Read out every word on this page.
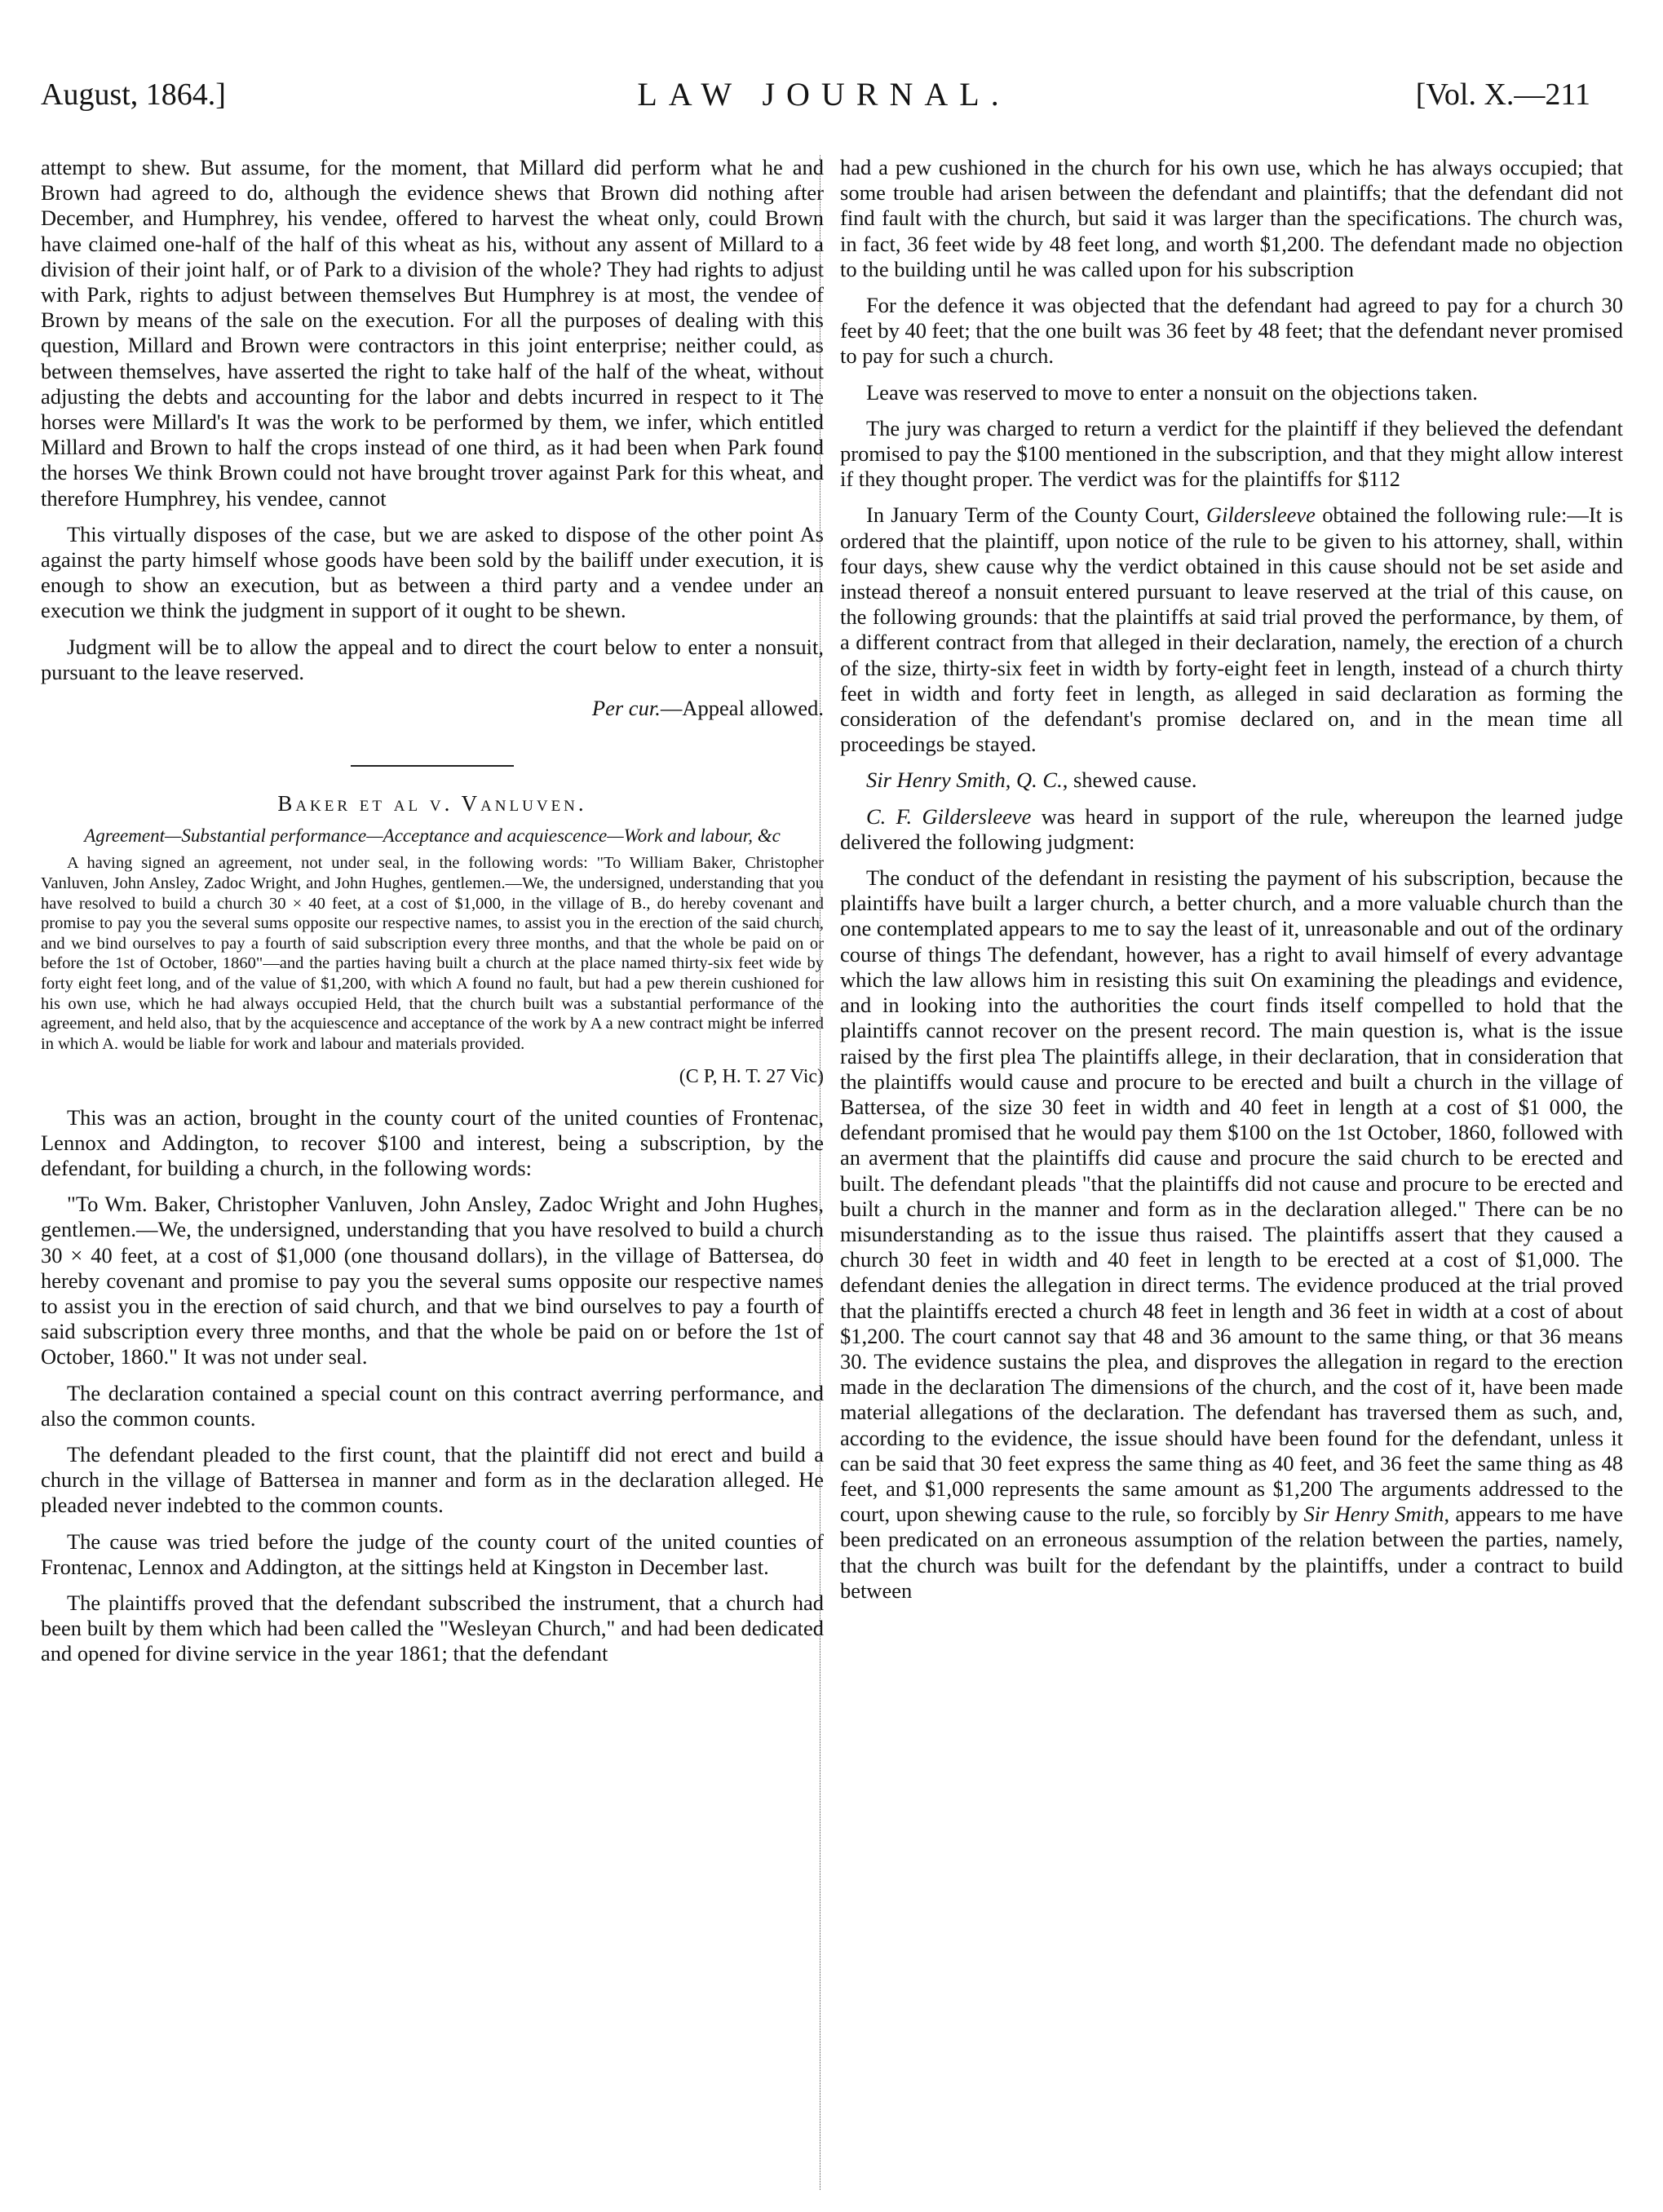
August, 1864.]	LAW JOURNAL.	[Vol. X.—211

attempt to shew. But assume, for the moment, that Millard did perform what he and Brown had agreed to do, although the evidence shews that Brown did nothing after December, and Humphrey, his vendee, offered to harvest the wheat only, could Brown have claimed one-half of the half of this wheat as his, without any assent of Millard to a division of their joint half, or of Park to a division of the whole? They had rights to adjust with Park, rights to adjust between themselves But Humphrey is at most, the vendee of Brown by means of the sale on the execution. For all the purposes of dealing with this question, Millard and Brown were contractors in this joint enterprise; neither could, as between themselves, have asserted the right to take half of the half of the wheat, without adjusting the debts and accounting for the labor and debts incurred in respect to it The horses were Millard's It was the work to be performed by them, we infer, which entitled Millard and Brown to half the crops instead of one third, as it had been when Park found the horses We think Brown could not have brought trover against Park for this wheat, and therefore Humphrey, his vendee, cannot

This virtually disposes of the case, but we are asked to dispose of the other point As against the party himself whose goods have been sold by the bailiff under execution, it is enough to show an execution, but as between a third party and a vendee under an execution we think the judgment in support of it ought to be shewn.

Judgment will be to allow the appeal and to direct the court below to enter a nonsuit, pursuant to the leave reserved.

Per cur.—Appeal allowed.

Baker et al v. Vanluven.
Agreement—Substantial performance—Acceptance and acquiescence—Work and labour, &c

A having signed an agreement, not under seal, in the following words: "To William Baker, Christopher Vanluven, John Ansley, Zadoc Wright, and John Hughes, gentlemen.—We, the undersigned, understanding that you have resolved to build a church 30 × 40 feet, at a cost of $1,000, in the village of B., do hereby covenant and promise to pay you the several sums opposite our respective names, to assist you in the erection of the said church, and we bind ourselves to pay a fourth of said subscription every three months, and that the whole be paid on or before the 1st of October, 1860"—and the parties having built a church at the place named thirty-six feet wide by forty eight feet long, and of the value of $1,200, with which A found no fault, but had a pew therein cushioned for his own use, which he had always occupied Held, that the church built was a substantial performance of the agreement, and held also, that by the acquiescence and acceptance of the work by A a new contract might be inferred in which A. would be liable for work and labour and materials provided.

(C P, H. T. 27 Vic)

This was an action, brought in the county court of the united counties of Frontenac, Lennox and Addington, to recover $100 and interest, being a subscription, by the defendant, for building a church, in the following words:

"To Wm. Baker, Christopher Vanluven, John Ansley, Zadoc Wright and John Hughes, gentlemen.—We, the undersigned, understanding that you have resolved to build a church 30 × 40 feet, at a cost of $1,000 (one thousand dollars), in the village of Battersea, do hereby covenant and promise to pay you the several sums opposite our respective names to assist you in the erection of said church, and that we bind ourselves to pay a fourth of said subscription every three months, and that the whole be paid on or before the 1st of October, 1860." It was not under seal.

The declaration contained a special count on this contract averring performance, and also the common counts.

The defendant pleaded to the first count, that the plaintiff did not erect and build a church in the village of Battersea in manner and form as in the declaration alleged. He pleaded never indebted to the common counts.

The cause was tried before the judge of the county court of the united counties of Frontenac, Lennox and Addington, at the sittings held at Kingston in December last.

The plaintiffs proved that the defendant subscribed the instrument, that a church had been built by them which had been called the "Wesleyan Church," and had been dedicated and opened for divine service in the year 1861; that the defendant

had a pew cushioned in the church for his own use, which he has always occupied; that some trouble had arisen between the defendant and plaintiffs; that the defendant did not find fault with the church, but said it was larger than the specifications. The church was, in fact, 36 feet wide by 48 feet long, and worth $1,200. The defendant made no objection to the building until he was called upon for his subscription

For the defence it was objected that the defendant had agreed to pay for a church 30 feet by 40 feet; that the one built was 36 feet by 48 feet; that the defendant never promised to pay for such a church.

Leave was reserved to move to enter a nonsuit on the objections taken.

The jury was charged to return a verdict for the plaintiff if they believed the defendant promised to pay the $100 mentioned in the subscription, and that they might allow interest if they thought proper. The verdict was for the plaintiffs for $112

In January Term of the County Court, Gildersleeve obtained the following rule:—It is ordered that the plaintiff, upon notice of the rule to be given to his attorney, shall, within four days, shew cause why the verdict obtained in this cause should not be set aside and instead thereof a nonsuit entered pursuant to leave reserved at the trial of this cause, on the following grounds: that the plaintiffs at said trial proved the performance, by them, of a different contract from that alleged in their declaration, namely, the erection of a church of the size, thirty-six feet in width by forty-eight feet in length, instead of a church thirty feet in width and forty feet in length, as alleged in said declaration as forming the consideration of the defendant's promise declared on, and in the mean time all proceedings be stayed.

Sir Henry Smith, Q. C., shewed cause.

C. F. Gildersleeve was heard in support of the rule, whereupon the learned judge delivered the following judgment:

The conduct of the defendant in resisting the payment of his subscription, because the plaintiffs have built a larger church, a better church, and a more valuable church than the one contemplated appears to me to say the least of it, unreasonable and out of the ordinary course of things The defendant, however, has a right to avail himself of every advantage which the law allows him in resisting this suit On examining the pleadings and evidence, and in looking into the authorities the court finds itself compelled to hold that the plaintiffs cannot recover on the present record. The main question is, what is the issue raised by the first plea The plaintiffs allege, in their declaration, that in consideration that the plaintiffs would cause and procure to be erected and built a church in the village of Battersea, of the size 30 feet in width and 40 feet in length at a cost of $1 000, the defendant promised that he would pay them $100 on the 1st October, 1860, followed with an averment that the plaintiffs did cause and procure the said church to be erected and built. The defendant pleads "that the plaintiffs did not cause and procure to be erected and built a church in the manner and form as in the declaration alleged." There can be no misunderstanding as to the issue thus raised. The plaintiffs assert that they caused a church 30 feet in width and 40 feet in length to be erected at a cost of $1,000. The defendant denies the allegation in direct terms. The evidence produced at the trial proved that the plaintiffs erected a church 48 feet in length and 36 feet in width at a cost of about $1,200. The court cannot say that 48 and 36 amount to the same thing, or that 36 means 30. The evidence sustains the plea, and disproves the allegation in regard to the erection made in the declaration The dimensions of the church, and the cost of it, have been made material allegations of the declaration. The defendant has traversed them as such, and, according to the evidence, the issue should have been found for the defendant, unless it can be said that 30 feet express the same thing as 40 feet, and 36 feet the same thing as 48 feet, and $1,000 represents the same amount as $1,200 The arguments addressed to the court, upon shewing cause to the rule, so forcibly by Sir Henry Smith, appears to me have been predicated on an erroneous assumption of the relation between the parties, namely, that the church was built for the defendant by the plaintiffs, under a contract to build between
